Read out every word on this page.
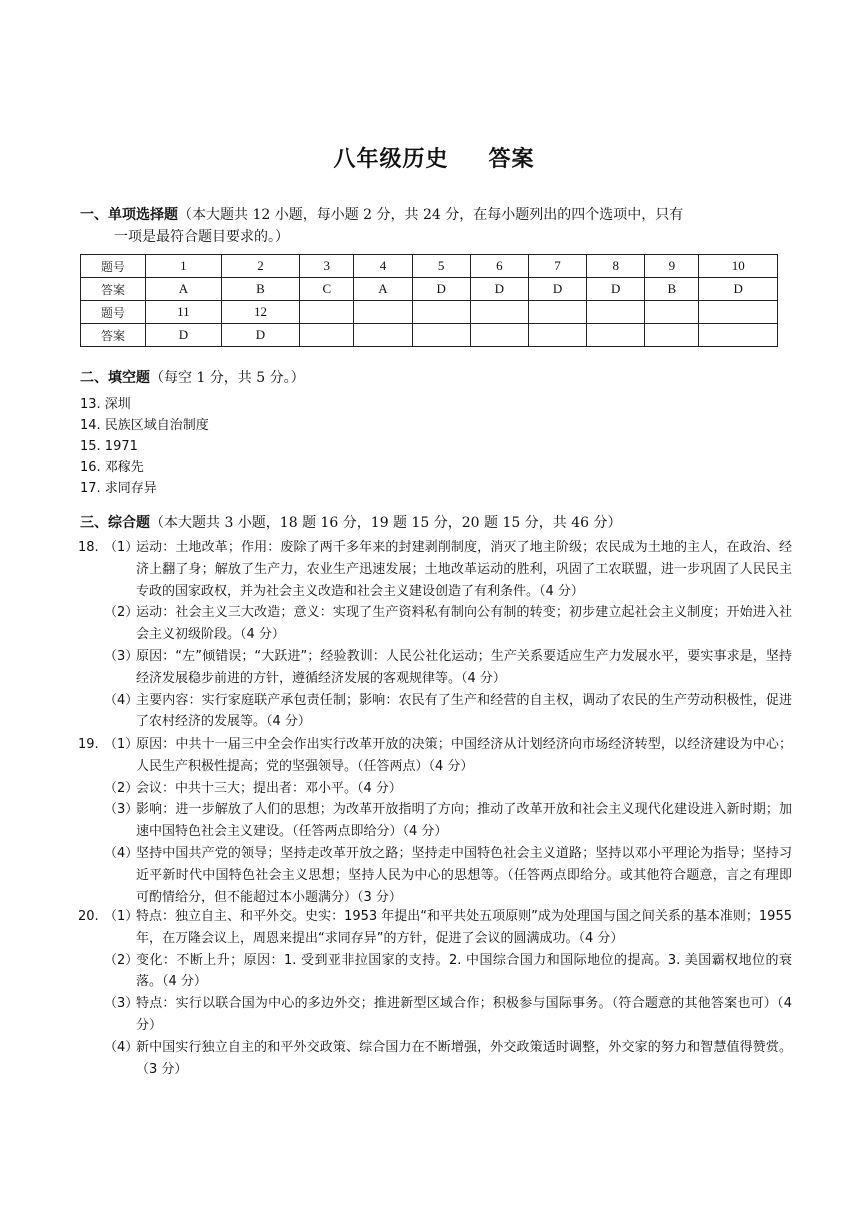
八年级历史 答案
一、单项选择题（本大题共 12 小题，每小题 2 分，共 24 分，在每小题列出的四个选项中，只有
一项是最符合题目要求的。）
题号	1	2	3	4	5	6	7	8	9	10
答案	A	B	C	A	D	D	D	D	B	D
题号	11	12								
答案	D	D								
二、填空题（每空 1 分，共 5 分。）
13. 深圳
14. 民族区域自治制度
15. 1971
16. 邓稼先
17. 求同存异
三、综合题（本大题共 3 小题，18 题 16 分，19 题 15 分，20 题 15 分，共 46 分）
18. （1）
运动：土地改革；作用：废除了两千多年来的封建剥削制度，消灭了地主阶级；农民成为土地的主人，在政治、经济上翻了身；解放了生产力，农业生产迅速发展；土地改革运动的胜利，巩固了工农联盟，进一步巩固了人民民主专政的国家政权，并为社会主义改造和社会主义建设创造了有利条件。（4 分）
（2）
运动：社会主义三大改造；意义：实现了生产资料私有制向公有制的转变；初步建立起社会主义制度；开始进入社会主义初级阶段。（4 分）
（3）
原因：“左”倾错误；“大跃进”；经验教训：人民公社化运动；生产关系要适应生产力发展水平，要实事求是，坚持经济发展稳步前进的方针，遵循经济发展的客观规律等。（4 分）
（4）
主要内容：实行家庭联产承包责任制；影响：农民有了生产和经营的自主权，调动了农民的生产劳动积极性，促进了农村经济的发展等。（4 分）
19. （1）
原因：中共十一届三中全会作出实行改革开放的决策；中国经济从计划经济向市场经济转型，以经济建设为中心；人民生产积极性提高；党的坚强领导。（任答两点）（4 分）
（2）
会议：中共十三大；提出者：邓小平。（4 分）
（3）
影响：进一步解放了人们的思想；为改革开放指明了方向；推动了改革开放和社会主义现代化建设进入新时期；加速中国特色社会主义建设。（任答两点即给分）（4 分）
（4）
坚持中国共产党的领导；坚持走改革开放之路；坚持走中国特色社会主义道路；坚持以邓小平理论为指导；坚持习近平新时代中国特色社会主义思想；坚持人民为中心的思想等。（任答两点即给分。或其他符合题意，言之有理即可酌情给分，但不能超过本小题满分）（3 分）
20. （1）
特点：独立自主、和平外交。史实：1953 年提出“和平共处五项原则”成为处理国与国之间关系的基本准则；1955 年，在万隆会议上，周恩来提出“求同存异”的方针，促进了会议的圆满成功。（4 分）
（2）
变化：不断上升；原因：1. 受到亚非拉国家的支持。2. 中国综合国力和国际地位的提高。3. 美国霸权地位的衰落。（4 分）
（3）
特点：实行以联合国为中心的多边外交；推进新型区域合作；积极参与国际事务。（符合题意的其他答案也可）（4 分）
（4）
新中国实行独立自主的和平外交政策、综合国力在不断增强，外交政策适时调整，外交家的努力和智慧值得赞赏。（3 分）
